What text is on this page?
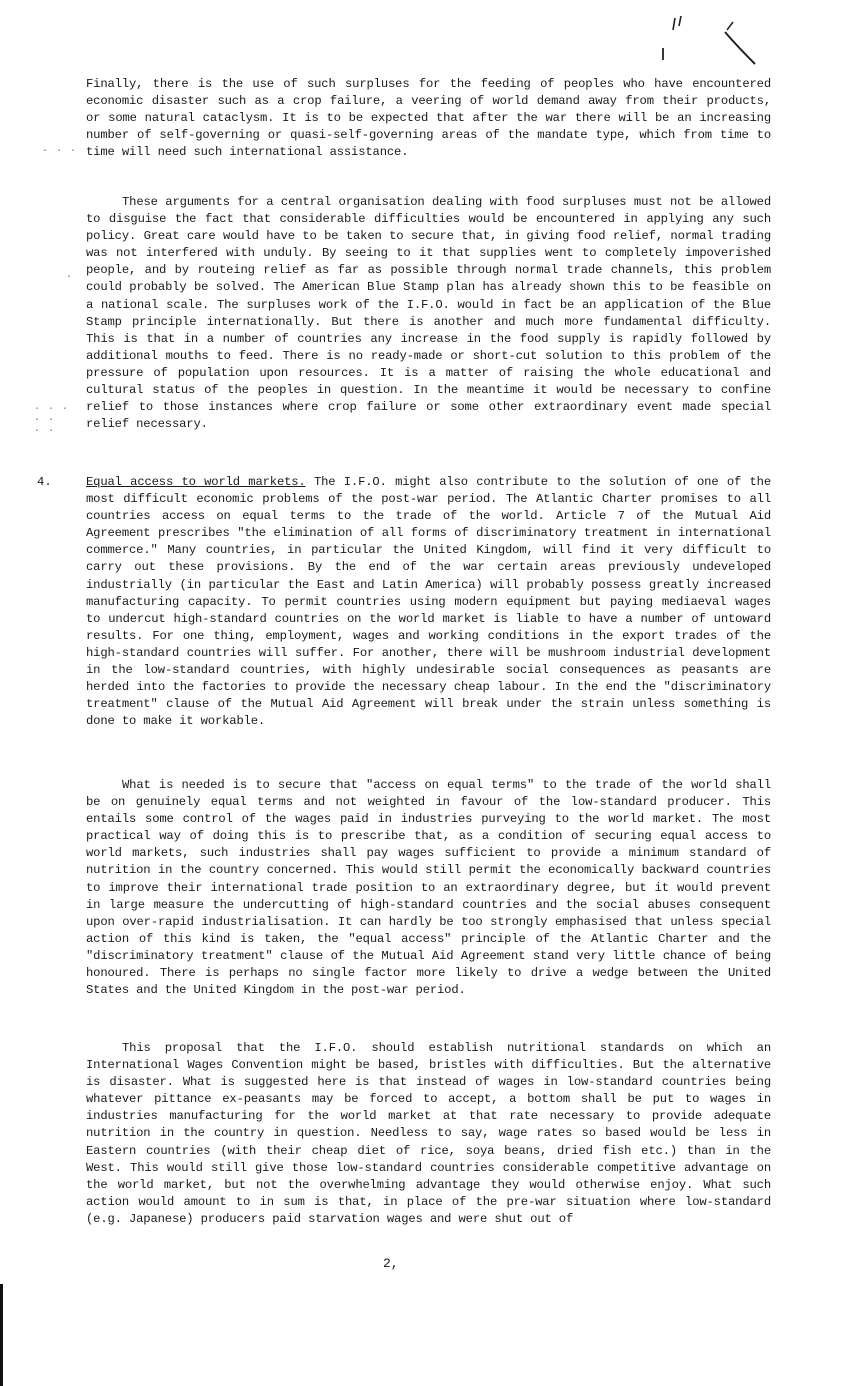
- · ·
·
· · ·
· ·
· ·

Finally, there is the use of such surpluses for the feeding of peoples who have encountered economic disaster such as a crop failure, a veering of world demand away from their products, or some natural cataclysm. It is to be expected that after the war there will be an increasing number of self-governing or quasi-self-governing areas of the mandate type, which from time to time will need such international assistance.

These arguments for a central organisation dealing with food surpluses must not be allowed to disguise the fact that considerable difficulties would be encountered in applying any such policy. Great care would have to be taken to secure that, in giving food relief, normal trading was not interfered with unduly. By seeing to it that supplies went to completely impoverished people, and by routeing relief as far as possible through normal trade channels, this problem could probably be solved. The American Blue Stamp plan has already shown this to be feasible on a national scale. The surpluses work of the I.F.O. would in fact be an application of the Blue Stamp principle internationally. But there is another and much more fundamental difficulty. This is that in a number of countries any increase in the food supply is rapidly followed by additional mouths to feed. There is no ready-made or short-cut solution to this problem of the pressure of population upon resources. It is a matter of raising the whole educational and cultural status of the peoples in question. In the meantime it would be necessary to confine relief to those instances where crop failure or some other extraordinary event made special relief necessary.

4.	Equal access to world markets. The I.F.O. might also contribute to the solution of one of the most difficult economic problems of the post-war period. The Atlantic Charter promises to all countries access on equal terms to the trade of the world. Article 7 of the Mutual Aid Agreement prescribes "the elimination of all forms of discriminatory treatment in international commerce." Many countries, in particular the United Kingdom, will find it very difficult to carry out these provisions. By the end of the war certain areas previously undeveloped industrially (in particular the East and Latin America) will probably possess greatly increased manufacturing capacity. To permit countries using modern equipment but paying mediaeval wages to undercut high-standard countries on the world market is liable to have a number of untoward results. For one thing, employment, wages and working conditions in the export trades of the high-standard countries will suffer. For another, there will be mushroom industrial development in the low-standard countries, with highly undesirable social consequences as peasants are herded into the factories to provide the necessary cheap labour. In the end the "discriminatory treatment" clause of the Mutual Aid Agreement will break under the strain unless something is done to make it workable.

What is needed is to secure that "access on equal terms" to the trade of the world shall be on genuinely equal terms and not weighted in favour of the low-standard producer. This entails some control of the wages paid in industries purveying to the world market. The most practical way of doing this is to prescribe that, as a condition of securing equal access to world markets, such industries shall pay wages sufficient to provide a minimum standard of nutrition in the country concerned. This would still permit the economically backward countries to improve their international trade position to an extraordinary degree, but it would prevent in large measure the undercutting of high-standard countries and the social abuses consequent upon over-rapid industrialisation. It can hardly be too strongly emphasised that unless special action of this kind is taken, the "equal access" principle of the Atlantic Charter and the "discriminatory treatment" clause of the Mutual Aid Agreement stand very little chance of being honoured. There is perhaps no single factor more likely to drive a wedge between the United States and the United Kingdom in the post-war period.

This proposal that the I.F.O. should establish nutritional standards on which an International Wages Convention might be based, bristles with difficulties. But the alternative is disaster. What is suggested here is that instead of wages in low-standard countries being whatever pittance ex-peasants may be forced to accept, a bottom shall be put to wages in industries manufacturing for the world market at that rate necessary to provide adequate nutrition in the country in question. Needless to say, wage rates so based would be less in Eastern countries (with their cheap diet of rice, soya beans, dried fish etc.) than in the West. This would still give those low-standard countries considerable competitive advantage on the world market, but not the overwhelming advantage they would otherwise enjoy. What such action would amount to in sum is that, in place of the pre-war situation where low-standard (e.g. Japanese) producers paid starvation wages and were shut out of

2,
